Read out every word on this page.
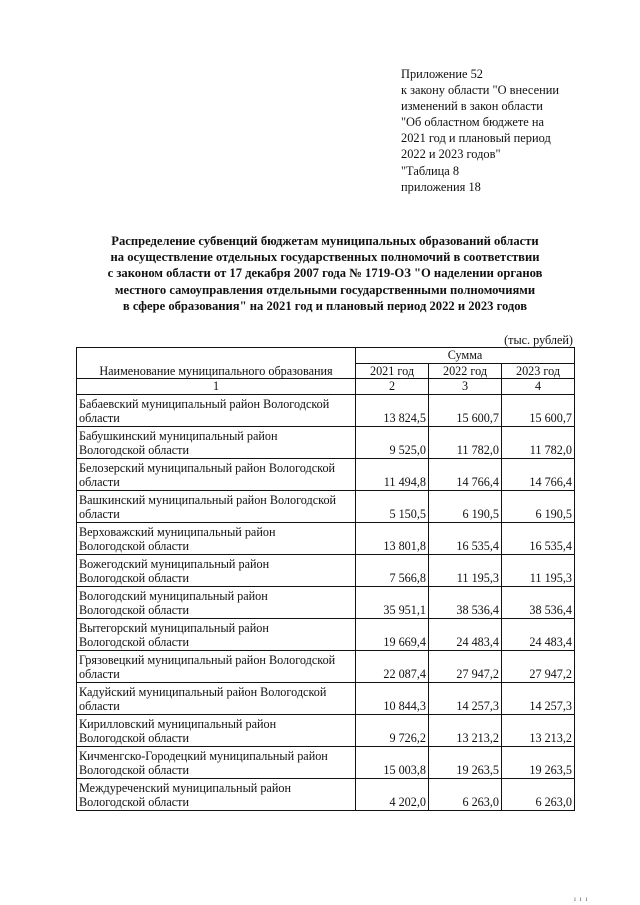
Приложение 52
к закону области "О внесении
изменений в закон области
"Об областном бюджете на
2021 год и плановый период
2022 и 2023 годов"
"Таблица 8
приложения 18
Распределение субвенций бюджетам муниципальных образований области
на осуществление отдельных государственных полномочий в соответствии
с законом области от 17 декабря 2007 года № 1719-ОЗ "О наделении органов
местного самоуправления отдельными государственными полномочиями
в сфере образования" на 2021 год и плановый период 2022 и 2023 годов
(тыс. рублей)
Наименование муниципального образования	Сумма		
	2021 год	2022 год	2023 год
1	2	3	4

Бабаевский муниципальный район Вологодской
области	13 824,5	15 600,7	15 600,7

Бабушкинский муниципальный район
Вологодской области	9 525,0	11 782,0	11 782,0

Белозерский муниципальный район Вологодской
области	11 494,8	14 766,4	14 766,4

Вашкинский муниципальный район Вологодской
области	5 150,5	6 190,5	6 190,5

Верховажский муниципальный район
Вологодской области	13 801,8	16 535,4	16 535,4

Вожегодский муниципальный район
Вологодской области	7 566,8	11 195,3	11 195,3

Вологодский муниципальный район
Вологодской области	35 951,1	38 536,4	38 536,4

Вытегорский муниципальный район
Вологодской области	19 669,4	24 483,4	24 483,4

Грязовецкий муниципальный район Вологодской
области	22 087,4	27 947,2	27 947,2

Кадуйский муниципальный район Вологодской
области	10 844,3	14 257,3	14 257,3

Кирилловский муниципальный район
Вологодской области	9 726,2	13 213,2	13 213,2

Кичменгско-Городецкий муниципальный район
Вологодской области	15 003,8	19 263,5	19 263,5

Междуреченский муниципальный район
Вологодской области	4 202,0	6 263,0	6 263,0
ı ı ı
